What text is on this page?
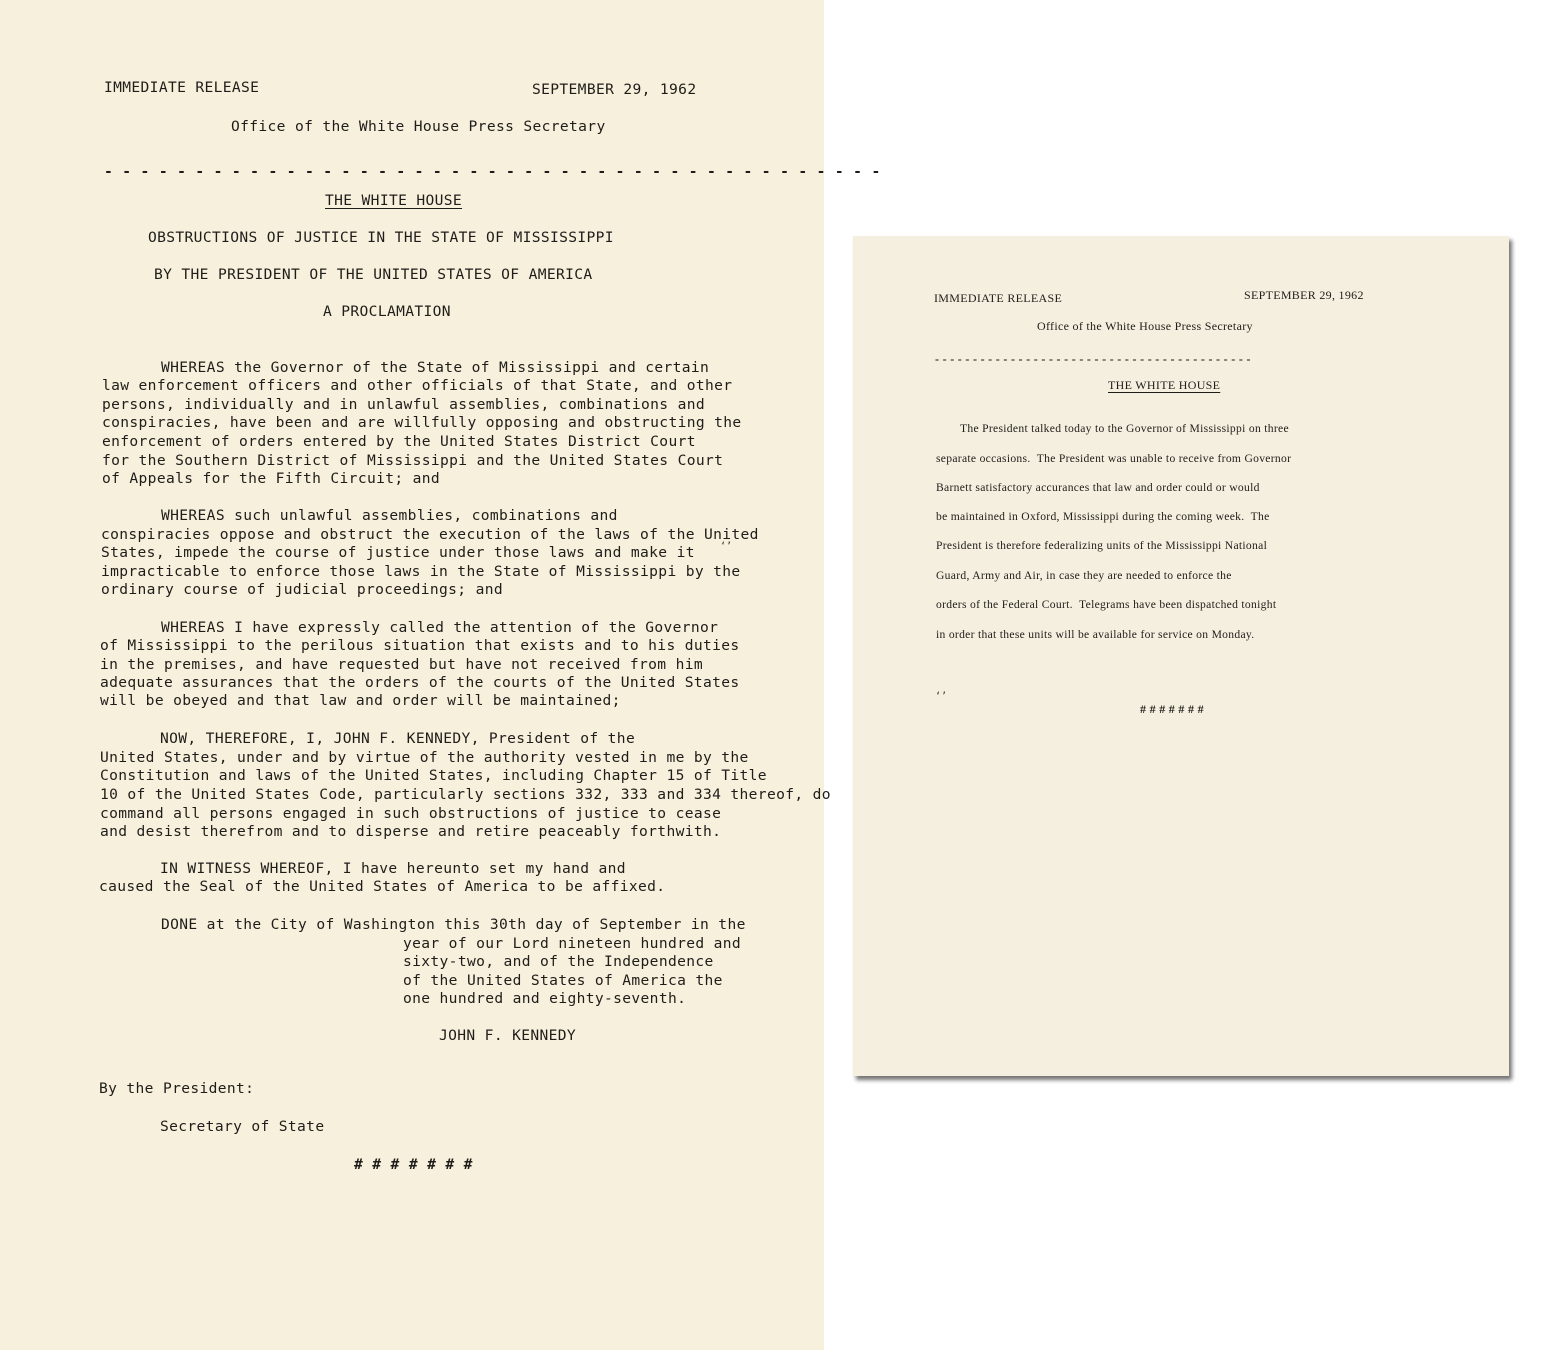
IMMEDIATE RELEASE	SEPTEMBER 29, 1962

Office of the White House Press Secretary

- - - - - - - - - - - - - - - - - - - - - - - - - - - - - - - - - - - - - - - - - - -

THE WHITE HOUSE

OBSTRUCTIONS OF JUSTICE IN THE STATE OF MISSISSIPPI

BY THE PRESIDENT OF THE UNITED STATES OF AMERICA

A PROCLAMATION

WHEREAS the Governor of the State of Mississippi and certain

law enforcement officers and other officials of that State, and other

persons, individually and in unlawful assemblies, combinations and

conspiracies, have been and are willfully opposing and obstructing the

enforcement of orders entered by the United States District Court

for the Southern District of Mississippi and the United States Court

of Appeals for the Fifth Circuit; and

WHEREAS such unlawful assemblies, combinations and

conspiracies oppose and obstruct the execution of the laws of the United

States, impede the course of justice under those laws and make it

impracticable to enforce those laws in the State of Mississippi by the

ordinary course of judicial proceedings; and

WHEREAS I have expressly called the attention of the Governor

of Mississippi to the perilous situation that exists and to his duties

in the premises, and have requested but have not received from him

adequate assurances that the orders of the courts of the United States

will be obeyed and that law and order will be maintained;

NOW, THEREFORE, I, JOHN F. KENNEDY, President of the

United States, under and by virtue of the authority vested in me by the

Constitution and laws of the United States, including Chapter 15 of Title

10 of the United States Code, particularly sections 332, 333 and 334 thereof, do

command all persons engaged in such obstructions of justice to cease

and desist therefrom and to disperse and retire peaceably forthwith.

IN WITNESS WHEREOF, I have hereunto set my hand and

caused the Seal of the United States of America to be affixed.

DONE at the City of Washington this 30th day of September in the

year of our Lord nineteen hundred and

sixty-two, and of the Independence

of the United States of America the

one hundred and eighty-seventh.

JOHN F. KENNEDY

By the President:

Secretary of State

# # # # # # #

‘’

IMMEDIATE RELEASE	SEPTEMBER 29, 1962

Office of the White House Press Secretary

- - - - - - - - - - - - - - - - - - - - - - - - - - - - - - - - - - - - - - - - - -

THE WHITE HOUSE

The President talked today to the Governor of Mississippi on three

separate occasions.  The President was unable to receive from Governor

Barnett satisfactory accurances that law and order could or would

be maintained in Oxford, Mississippi during the coming week.  The

President is therefore federalizing units of the Mississippi National

Guard, Army and Air, in case they are needed to enforce the

orders of the Federal Court.  Telegrams have been dispatched tonight

in order that these units will be available for service on Monday.

# # # # # # #

‘’
